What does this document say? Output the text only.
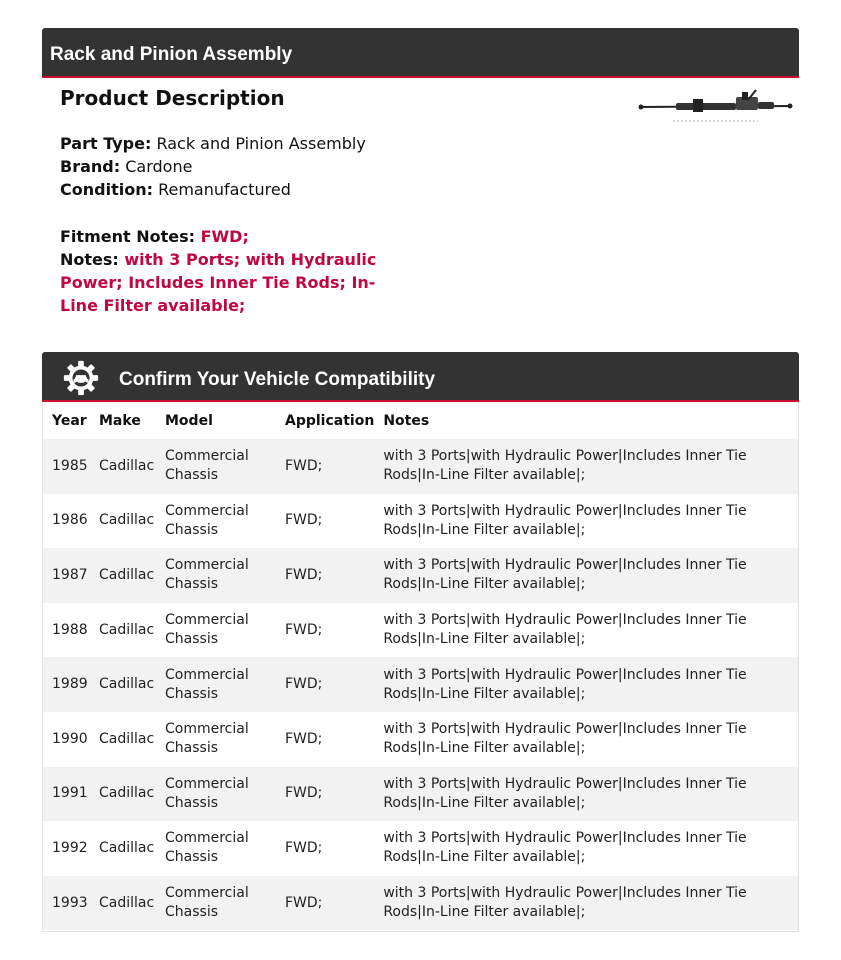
Rack and Pinion Assembly
Product Description
Part Type: Rack and Pinion Assembly
Brand: Cardone
Condition: Remanufactured
Fitment Notes: FWD;
Notes: with 3 Ports; with Hydraulic Power; Includes Inner Tie Rods; In-Line Filter available;
Confirm Your Vehicle Compatibility
Year	Make	Model	Application	Notes
1985	Cadillac	Commercial Chassis	FWD;	with 3 Ports|with Hydraulic Power|Includes Inner Tie Rods|In-Line Filter available|;
1986	Cadillac	Commercial Chassis	FWD;	with 3 Ports|with Hydraulic Power|Includes Inner Tie Rods|In-Line Filter available|;
1987	Cadillac	Commercial Chassis	FWD;	with 3 Ports|with Hydraulic Power|Includes Inner Tie Rods|In-Line Filter available|;
1988	Cadillac	Commercial Chassis	FWD;	with 3 Ports|with Hydraulic Power|Includes Inner Tie Rods|In-Line Filter available|;
1989	Cadillac	Commercial Chassis	FWD;	with 3 Ports|with Hydraulic Power|Includes Inner Tie Rods|In-Line Filter available|;
1990	Cadillac	Commercial Chassis	FWD;	with 3 Ports|with Hydraulic Power|Includes Inner Tie Rods|In-Line Filter available|;
1991	Cadillac	Commercial Chassis	FWD;	with 3 Ports|with Hydraulic Power|Includes Inner Tie Rods|In-Line Filter available|;
1992	Cadillac	Commercial Chassis	FWD;	with 3 Ports|with Hydraulic Power|Includes Inner Tie Rods|In-Line Filter available|;
1993	Cadillac	Commercial Chassis	FWD;	with 3 Ports|with Hydraulic Power|Includes Inner Tie Rods|In-Line Filter available|;
